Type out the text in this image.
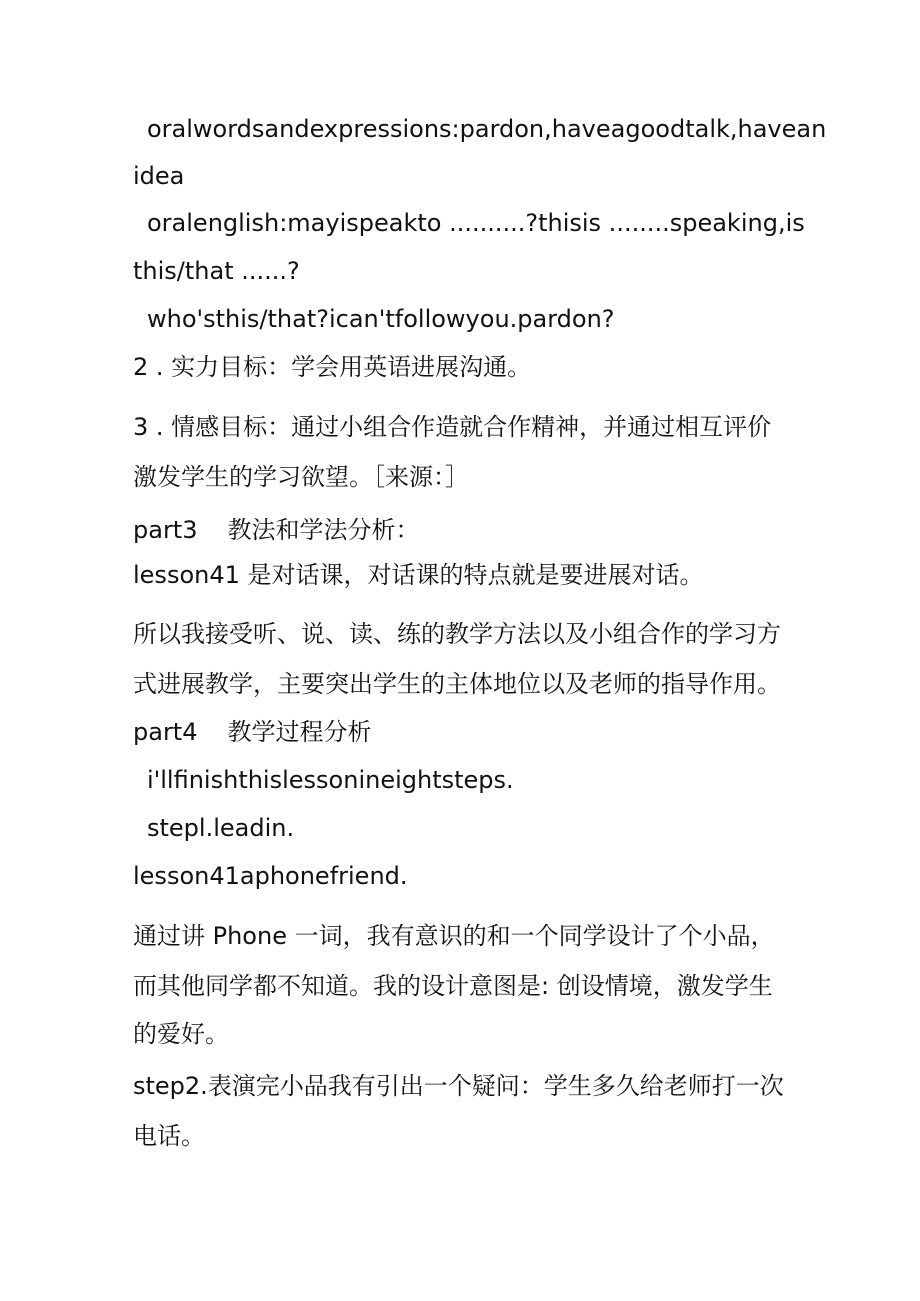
oralwordsandexpressions:pardon,haveagoodtalk,havean

idea

oralenglish:mayispeakto ..........?thisis ........speaking,is

this/that ......?

who'sthis/that?ican'tfollowyou.pardon?

2 . 实力目标：学会用英语进展沟通。

3 . 情感目标：通过小组合作造就合作精神，并通过相互评价

激发学生的学习欲望。［来源：］

part3 教法和学法分析：

lesson41 是对话课，对话课的特点就是要进展对话。

所以我接受听、说、读、练的教学方法以及小组合作的学习方

式进展教学，主要突出学生的主体地位以及老师的指导作用。

part4 教学过程分析

i'llfinishthislessonineightsteps.

stepl.leadin.

lesson41aphonefriend.

通过讲 Phone 一词，我有意识的和一个同学设计了个小品，

而其他同学都不知道。我的设计意图是: 创设情境，激发学生

的爱好。

step2.表演完小品我有引出一个疑问：学生多久给老师打一次

电话。
